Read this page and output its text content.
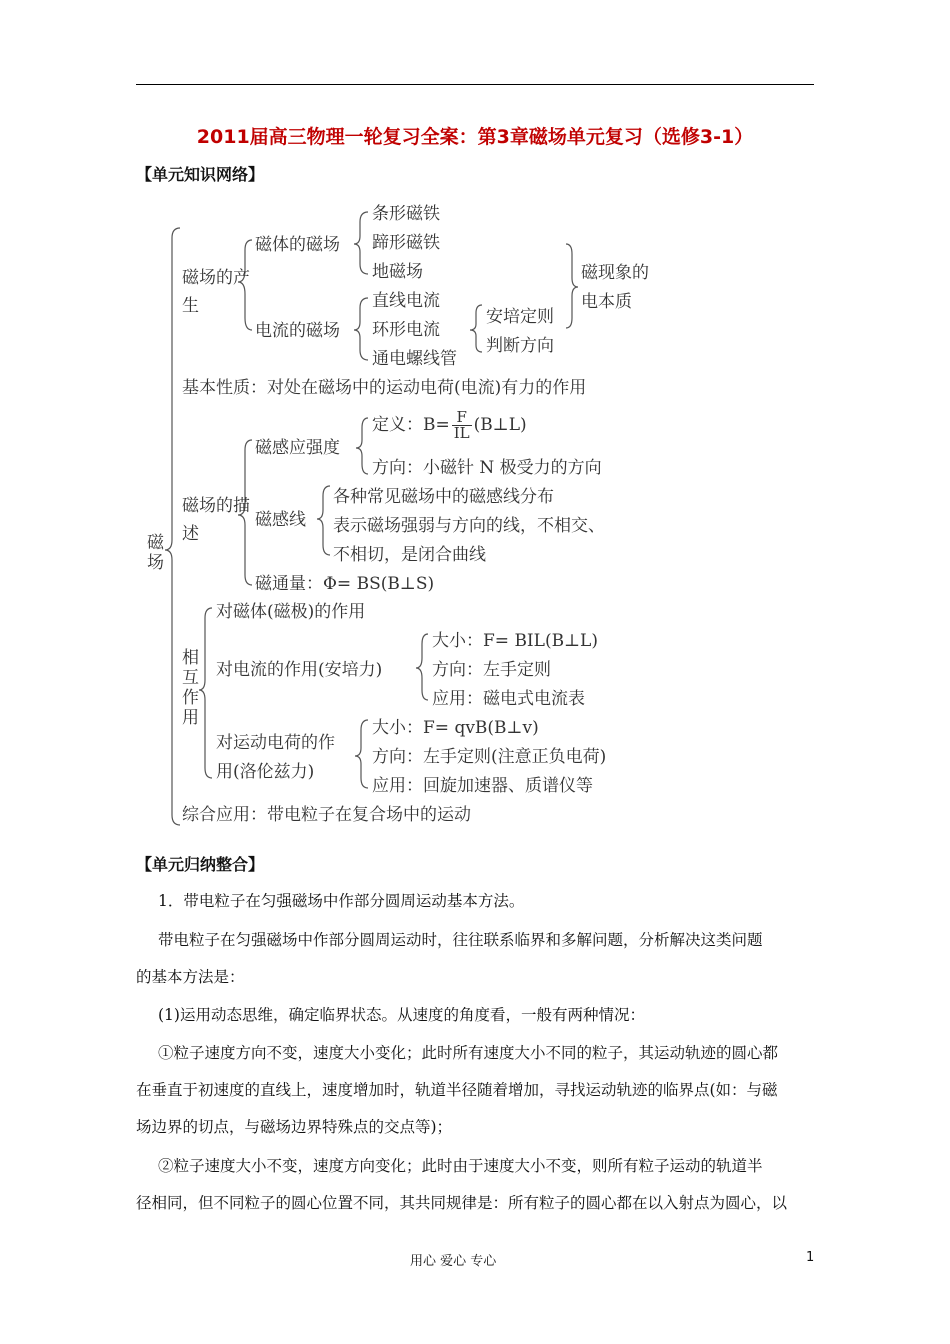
2011届高三物理一轮复习全案：第3章磁场单元复习（选修3-1）
【单元知识网络】
磁场
磁场的产生
磁体的磁场
条形磁铁
蹄形磁铁
地磁场
电流的磁场
直线电流
环形电流
通电螺线管
安培定则
判断方向
磁现象的
电本质
基本性质：对处在磁场中的运动电荷(电流)有力的作用
磁场的描述
磁感应强度
定义：$B= \frac{F}{IL}$ (B⊥L)
方向：小磁针 N 极受力的方向
磁感线
各种常见磁场中的磁感线分布
表示磁场强弱与方向的线，不相交、
不相切，是闭合曲线
磁通量：Φ= BS(B⊥S)
相互作用
对磁体(磁极)的作用
对电流的作用(安培力)
大小：F= BIL(B⊥L)
方向：左手定则
应用：磁电式电流表
对运动电荷的作
用(洛伦兹力)
大小：F= qvB(B⊥v)
方向：左手定则(注意正负电荷)
应用：回旋加速器、质谱仪等
综合应用：带电粒子在复合场中的运动
【单元归纳整合】
1．带电粒子在匀强磁场中作部分圆周运动基本方法。
带电粒子在匀强磁场中作部分圆周运动时，往往联系临界和多解问题，分析解决这类问题
的基本方法是：
(1)运用动态思维，确定临界状态。从速度的角度看，一般有两种情况：
①粒子速度方向不变，速度大小变化；此时所有速度大小不同的粒子，其运动轨迹的圆心都
在垂直于初速度的直线上，速度增加时，轨道半径随着增加，寻找运动轨迹的临界点(如：与磁
场边界的切点，与磁场边界特殊点的交点等)；
②粒子速度大小不变，速度方向变化；此时由于速度大小不变，则所有粒子运动的轨道半
径相同，但不同粒子的圆心位置不同，其共同规律是：所有粒子的圆心都在以入射点为圆心，以
用心 爱心 专心	1
